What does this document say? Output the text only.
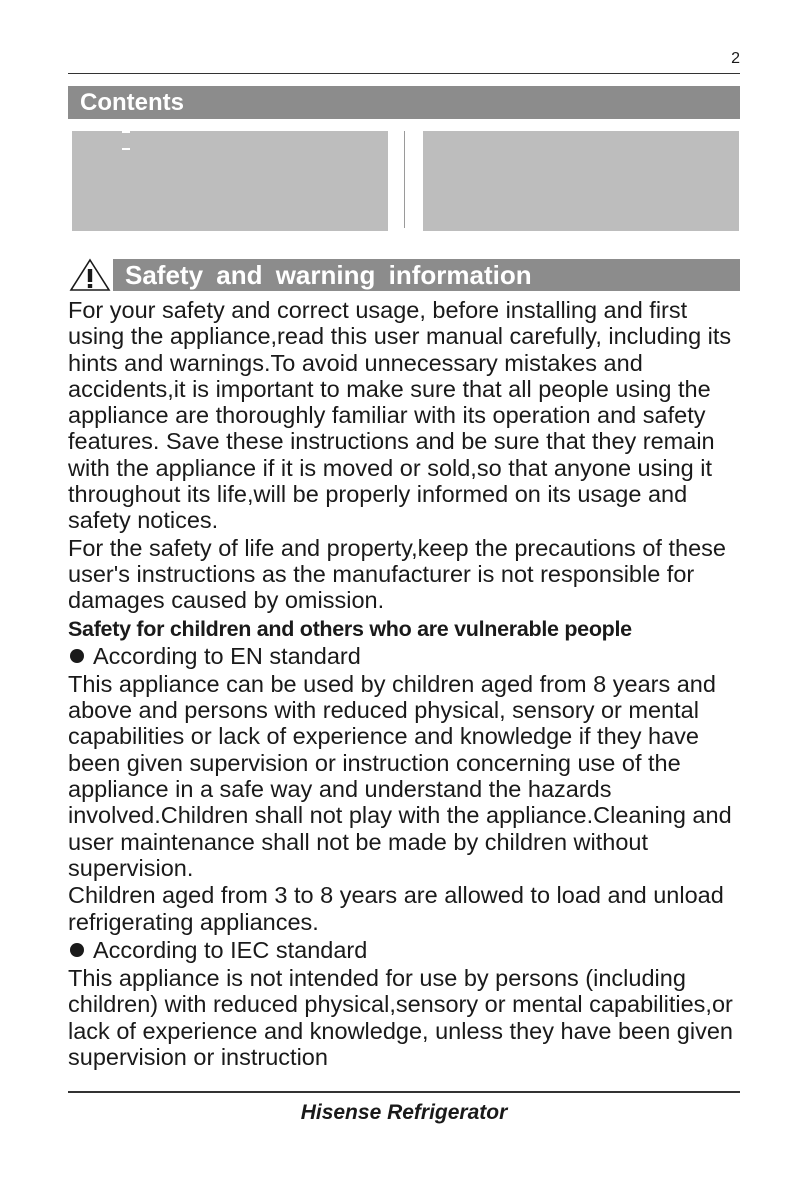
2
Contents
Safety and warning information

For your safety and correct usage, before installing and first using the appliance,read this user manual carefully, including its hints and warnings.To avoid unnecessary mistakes and accidents,it is important to make sure that all people using the appliance are thoroughly familiar with its operation and safety features. Save these instructions and be sure that they remain with the appliance if it is moved or sold,so that anyone using it throughout its life,will be properly informed on its usage and safety notices.

For the safety of life and property,keep the precautions of these user's instructions as the manufacturer is not responsible for damages caused by omission.

Safety for children and others who are vulnerable people

According to EN standard

This appliance can be used by children aged from 8 years and above and persons with reduced physical, sensory or mental capabilities or lack of experience and knowledge if they have been given supervision or instruction concerning use of the appliance in a safe way and understand the hazards involved.Children shall not play with the appliance.Cleaning and user maintenance shall not be made by children without supervision.

Children aged from 3 to 8 years are allowed to load and unload refrigerating appliances.

According to IEC standard

This appliance is not intended for use by persons (including children) with reduced physical,sensory or mental capabilities,or lack of experience and knowledge, unless they have been given supervision or instruction

Hisense Refrigerator
